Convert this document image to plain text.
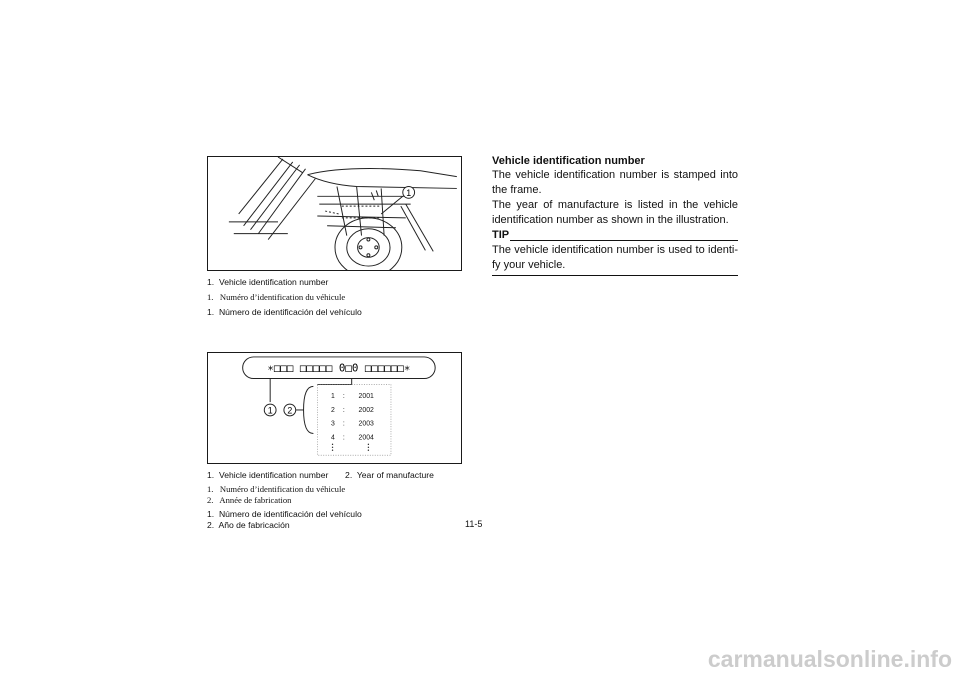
1
1.  Vehicle identification number
1.   Numéro d’identification du véhicule
1.  Número de identificación del vehículo
∗□□□ □□□□□ 0□0 □□□□□□∗
1 2
1 : 2001
2 : 2002
3 : 2003
4 : 2004
1.  Vehicle identification number       2.  Year of manufacture
1.   Numéro d’identification du véhicule
2.   Année de fabrication
1.  Número de identificación del vehículo
2.  Año de fabricación
Vehicle identification number
The vehicle identification number is stamped into the frame.
The year of manufacture is listed in the vehicle identification number as shown in the illustration.
TIP
The vehicle identification number is used to identi-fy your vehicle.
11-5
carmanualsonline.info
